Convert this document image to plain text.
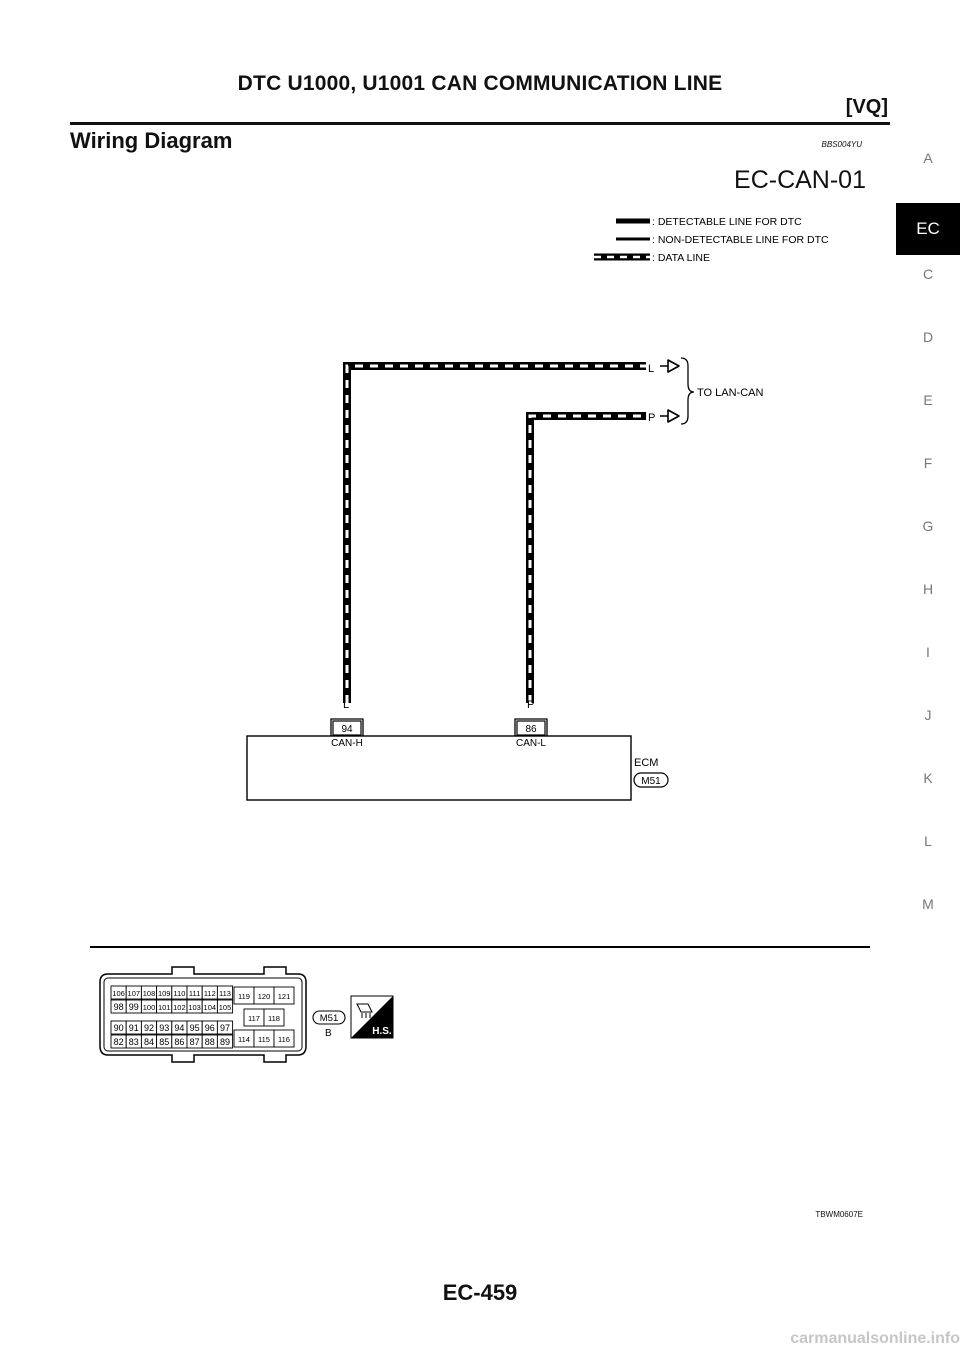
DTC U1000, U1001 CAN COMMUNICATION LINE
[VQ]
Wiring Diagram	BBS004YU
EC-CAN-01
A
EC
C
D
E
F
G
H
I
J
K
L
M
: DETECTABLE LINE FOR DTC
: NON-DETECTABLE LINE FOR DTC
: DATA LINE
L
P
TO LAN-CAN
L	P
94	86
CAN-H	CAN-L
ECM
M51
106 107 108 109 110 111 112 113
98 99 100 101 102 103 104 105
90 91 92 93 94 95 96 97
82 83 84 85 86 87 88 89
119 120 121
117 118
114 115 116
M51
B	H.S.
TBWM0607E
EC-459
carmanualsonline.info
